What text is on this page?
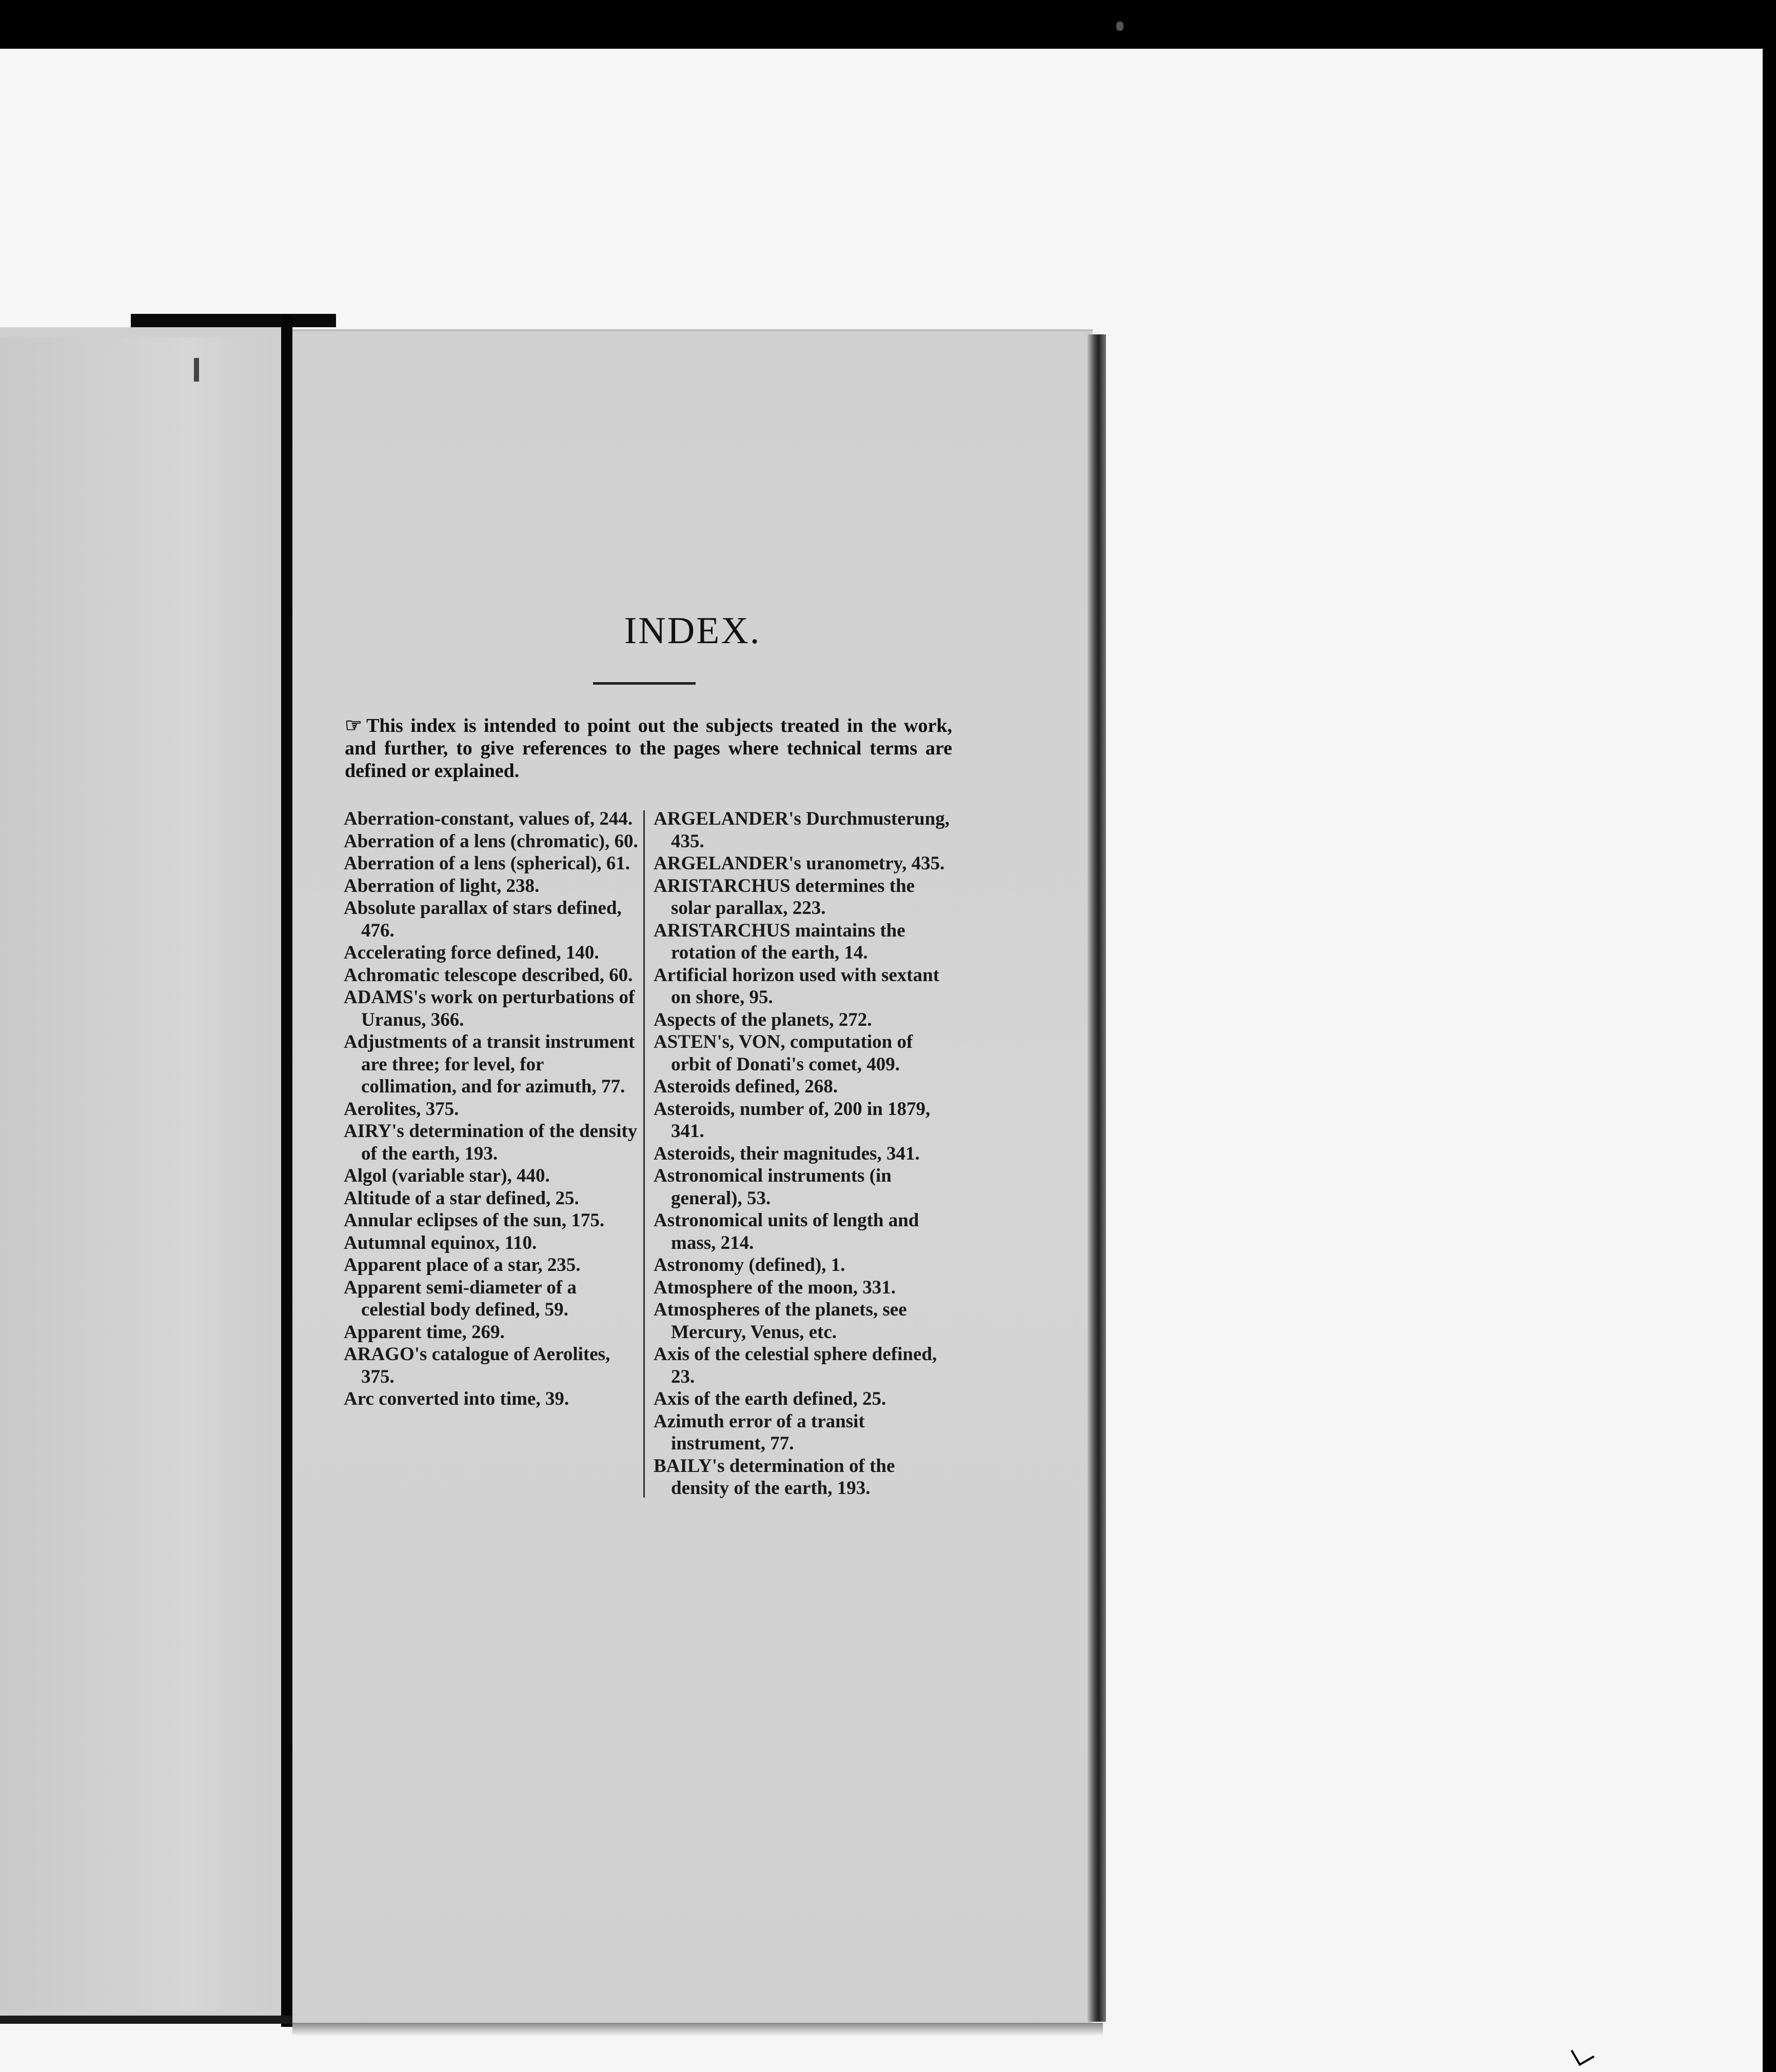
INDEX.
☞ This index is intended to point out the subjects treated in the work, and further, to give references to the pages where technical terms are defined or explained.
Aberration-constant, values of, 244.
Aberration of a lens (chromatic), 60.
Aberration of a lens (spherical), 61.
Aberration of light, 238.
Absolute parallax of stars defined, 476.
Accelerating force defined, 140.
Achromatic telescope described, 60.
ADAMS's work on perturbations of Uranus, 366.
Adjustments of a transit instrument are three; for level, for collimation, and for azimuth, 77.
Aerolites, 375.
AIRY's determination of the density of the earth, 193.
Algol (variable star), 440.
Altitude of a star defined, 25.
Annular eclipses of the sun, 175.
Autumnal equinox, 110.
Apparent place of a star, 235.
Apparent semi-diameter of a celestial body defined, 59.
Apparent time, 269.
ARAGO's catalogue of Aerolites, 375.
Arc converted into time, 39.
ARGELANDER's Durchmusterung, 435.
ARGELANDER's uranometry, 435.
ARISTARCHUS determines the solar parallax, 223.
ARISTARCHUS maintains the rotation of the earth, 14.
Artificial horizon used with sextant on shore, 95.
Aspects of the planets, 272.
ASTEN's, VON, computation of orbit of Donati's comet, 409.
Asteroids defined, 268.
Asteroids, number of, 200 in 1879, 341.
Asteroids, their magnitudes, 341.
Astronomical instruments (in general), 53.
Astronomical units of length and mass, 214.
Astronomy (defined), 1.
Atmosphere of the moon, 331.
Atmospheres of the planets, see Mercury, Venus, etc.
Axis of the celestial sphere defined, 23.
Axis of the earth defined, 25.
Azimuth error of a transit instrument, 77.
BAILY's determination of the density of the earth, 193.
